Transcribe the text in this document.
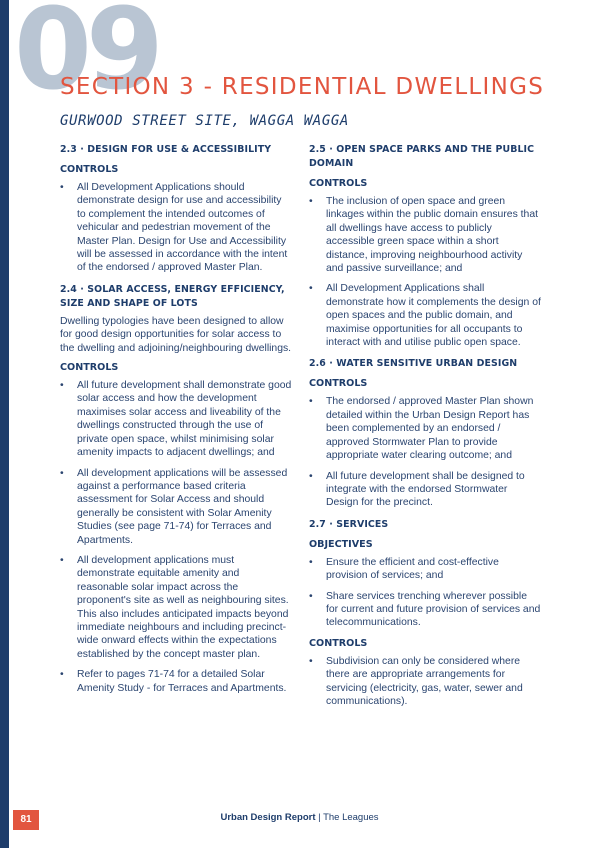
09
SECTION 3 - RESIDENTIAL DWELLINGS
GURWOOD STREET SITE, WAGGA WAGGA
2.3 · DESIGN FOR USE & ACCESSIBILITY
CONTROLS
• All Development Applications should demonstrate design for use and accessibility to complement the intended outcomes of vehicular and pedestrian movement of the Master Plan. Design for Use and Accessibility will be assessed in accordance with the intent of the endorsed / approved Master Plan.
2.4 · SOLAR ACCESS, ENERGY EFFICIENCY, SIZE AND SHAPE OF LOTS

Dwelling typologies have been designed to allow for good design opportunities for solar access to the dwelling and adjoining/neighbouring dwellings.

CONTROLS
• All future development shall demonstrate good solar access and how the development maximises solar access and liveability of the dwellings constructed through the use of private open space, whilst minimising solar amenity impacts to adjacent dwellings; and
• All development applications will be assessed against a performance based criteria assessment for Solar Access and should generally be consistent with Solar Amenity Studies (see page 71-74) for Terraces and Apartments.
• All development applications must demonstrate equitable amenity and reasonable solar impact across the proponent's site as well as neighbouring sites. This also includes anticipated impacts beyond immediate neighbours and including precinct-wide onward effects within the expectations established by the concept master plan.
• Refer to pages 71-74 for a detailed Solar Amenity Study - for Terraces and Apartments.
2.5 · OPEN SPACE PARKS AND THE PUBLIC DOMAIN
CONTROLS
• The inclusion of open space and green linkages within the public domain ensures that all dwellings have access to publicly accessible green space within a short distance, improving neighbourhood activity and passive surveillance; and
• All Development Applications shall demonstrate how it complements the design of open spaces and the public domain, and maximise opportunities for all occupants to interact with and utilise public open space.
2.6 · WATER SENSITIVE URBAN DESIGN
CONTROLS
• The endorsed / approved Master Plan shown detailed within the Urban Design Report has been complemented by an endorsed / approved Stormwater Plan to provide appropriate water clearing outcome; and
• All future development shall be designed to integrate with the endorsed Stormwater Design for the precinct.
2.7 · SERVICES
OBJECTIVES
• Ensure the efficient and cost-effective provision of services; and
• Share services trenching wherever possible for current and future provision of services and telecommunications.
CONTROLS
• Subdivision can only be considered where there are appropriate arrangements for servicing (electricity, gas, water, sewer and communications).
81	Urban Design Report | The Leagues
